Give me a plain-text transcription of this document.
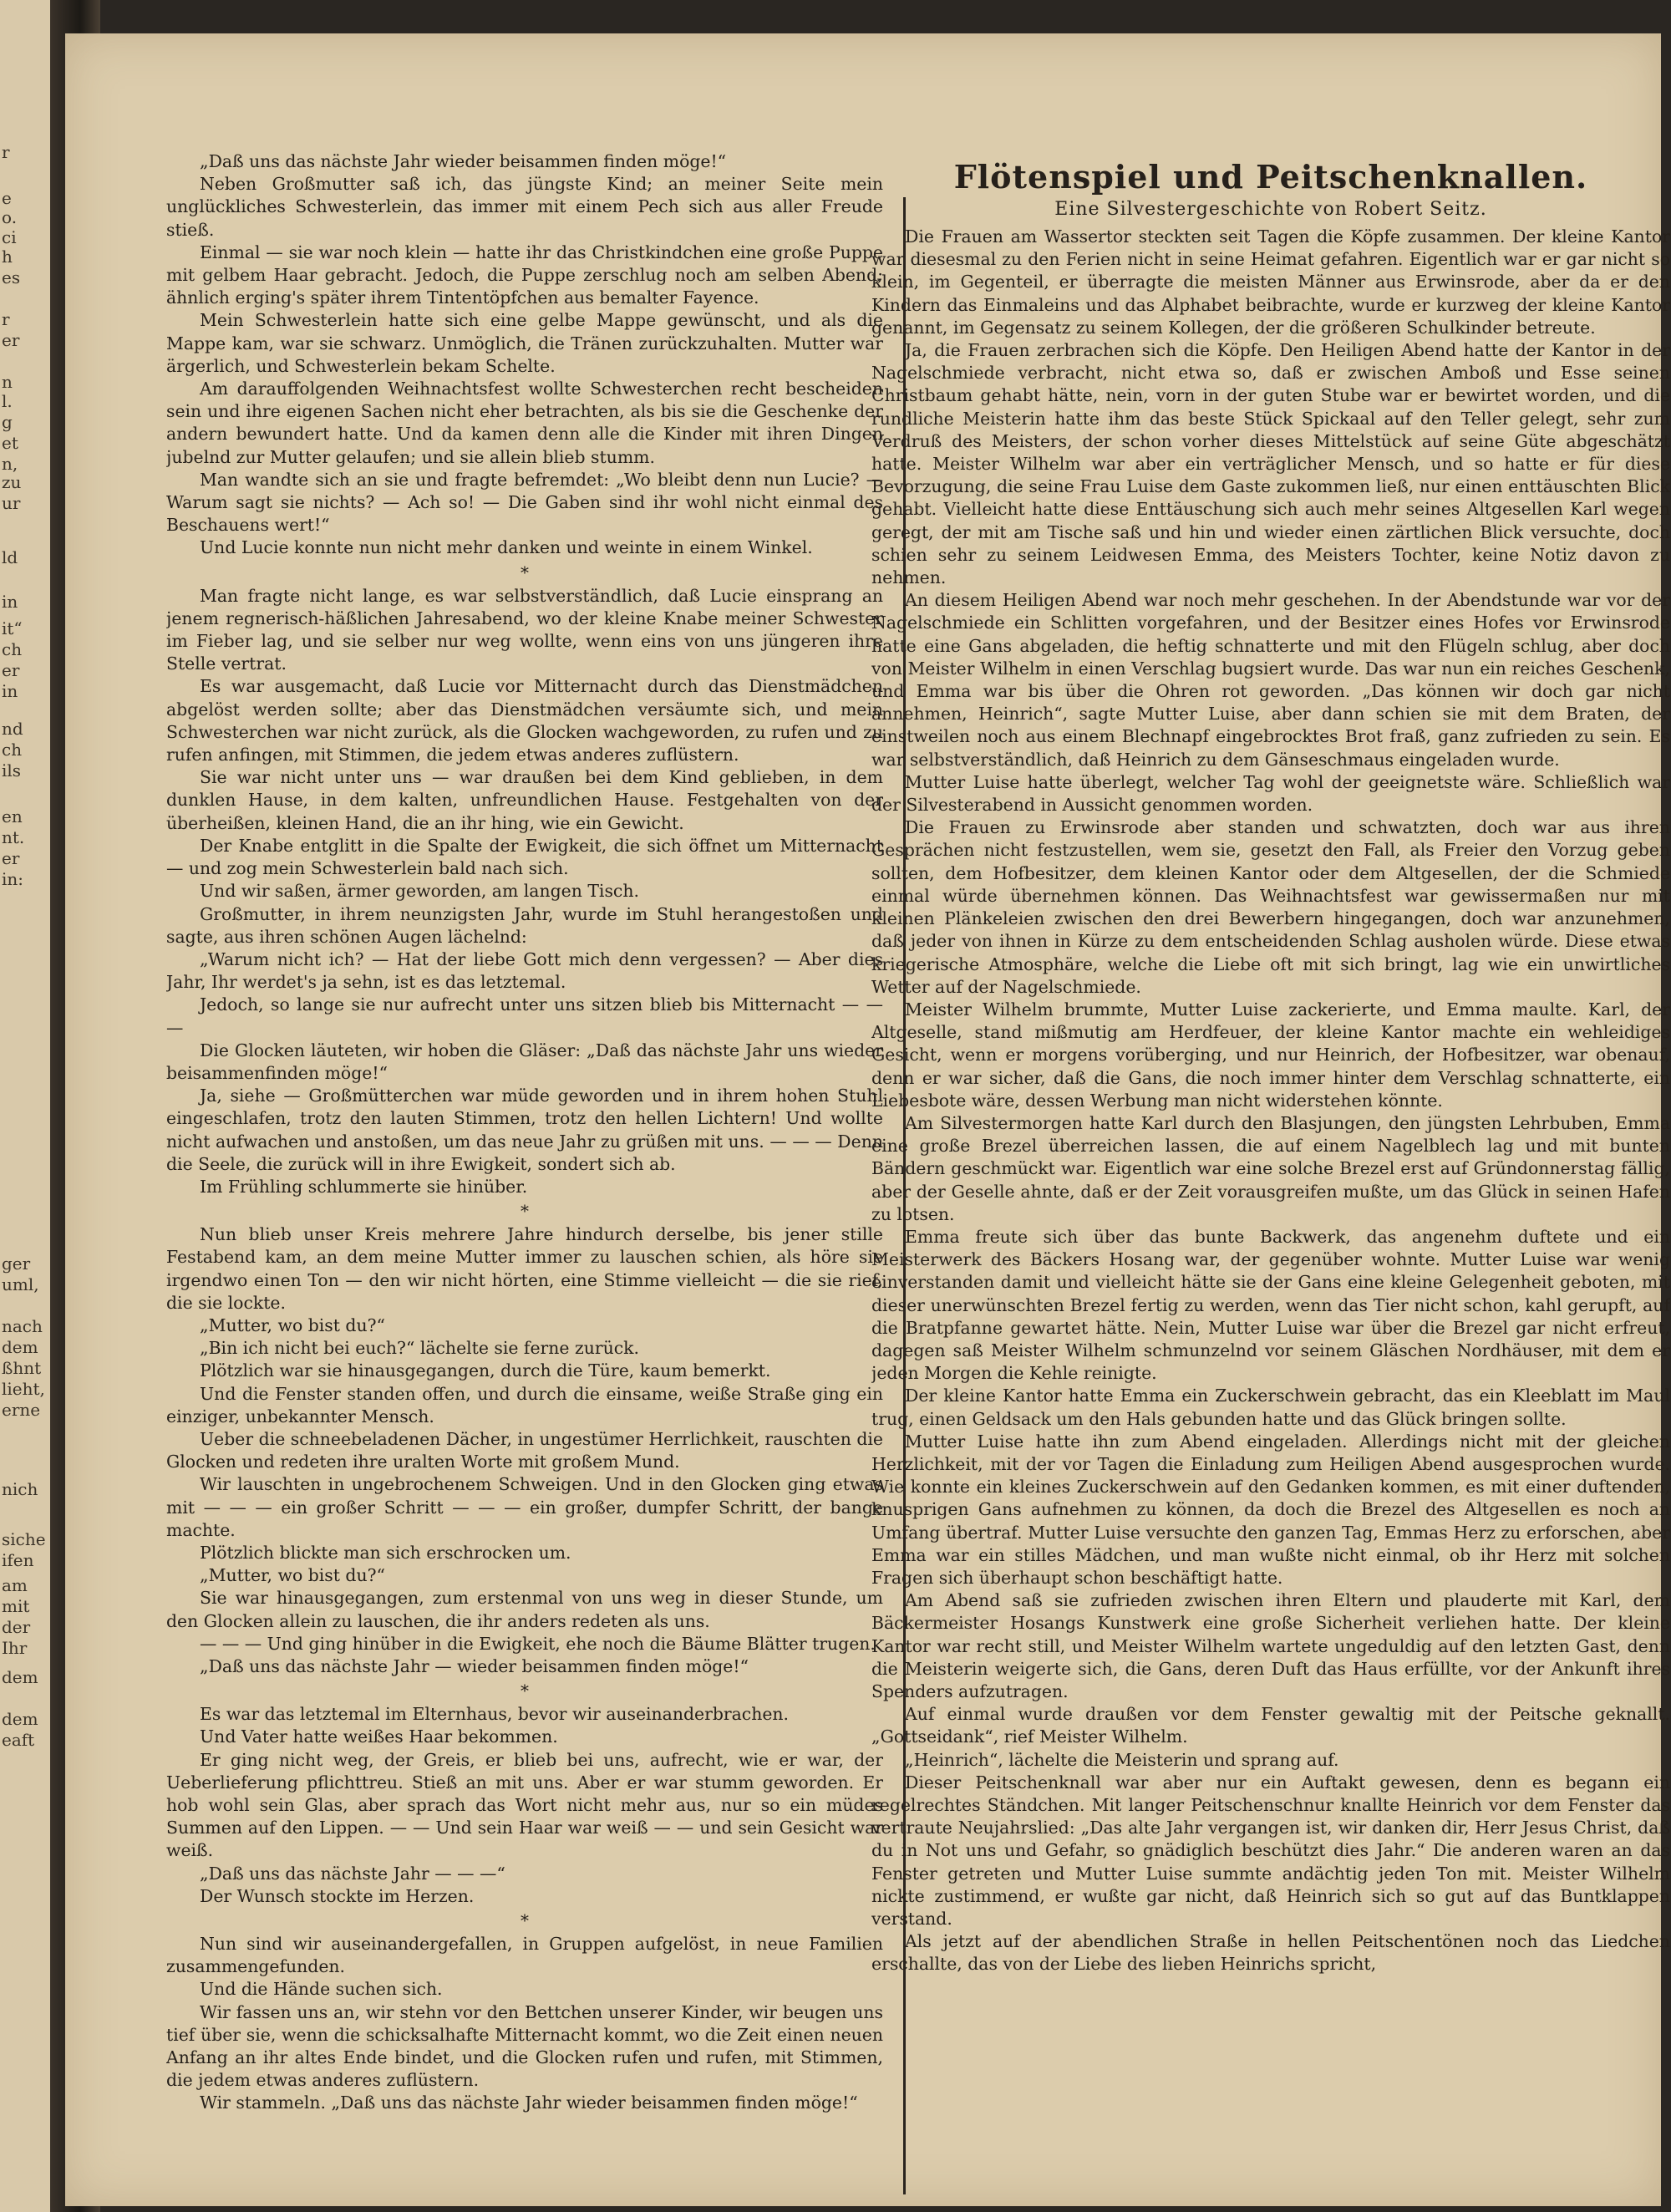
r
e
o.
ci
h
es
r
er
n
l.
g
et
n,
zu
ur
ld
in
it“
ch
er
in
nd
ch
ils
en
nt.
er
in:
ger
uml,
nach
dem
ßhnt
lieht,
erne
nich
siche
ifen
am
mit
der
Ihr
dem
dem
eaft

„Daß uns das nächste Jahr wieder beisammen finden möge!“

Neben Großmutter saß ich, das jüngste Kind; an meiner Seite mein unglückliches Schwesterlein, das immer mit einem Pech sich aus aller Freude stieß.

Einmal — sie war noch klein — hatte ihr das Christkindchen eine große Puppe mit gelbem Haar gebracht. Jedoch, die Puppe zerschlug noch am selben Abend; ähnlich erging's später ihrem Tintentöpfchen aus bemalter Fayence.

Mein Schwesterlein hatte sich eine gelbe Mappe gewünscht, und als die Mappe kam, war sie schwarz. Unmöglich, die Tränen zurückzuhalten. Mutter war ärgerlich, und Schwesterlein bekam Schelte.

Am darauffolgenden Weihnachtsfest wollte Schwesterchen recht bescheiden sein und ihre eigenen Sachen nicht eher betrachten, als bis sie die Geschenke der andern bewundert hatte. Und da kamen denn alle die Kinder mit ihren Dingen jubelnd zur Mutter gelaufen; und sie allein blieb stumm.

Man wandte sich an sie und fragte befremdet: „Wo bleibt denn nun Lucie? — Warum sagt sie nichts? — Ach so! — Die Gaben sind ihr wohl nicht einmal des Beschauens wert!“

Und Lucie konnte nun nicht mehr danken und weinte in einem Winkel.

*

Man fragte nicht lange, es war selbstverständlich, daß Lucie einsprang an jenem regnerisch-häßlichen Jahresabend, wo der kleine Knabe meiner Schwester im Fieber lag, und sie selber nur weg wollte, wenn eins von uns jüngeren ihre Stelle vertrat.

Es war ausgemacht, daß Lucie vor Mitternacht durch das Dienstmädchen abgelöst werden sollte; aber das Dienstmädchen versäumte sich, und mein Schwesterchen war nicht zurück, als die Glocken wachgeworden, zu rufen und zu rufen anfingen, mit Stimmen, die jedem etwas anderes zuflüstern.

Sie war nicht unter uns — war draußen bei dem Kind geblieben, in dem dunklen Hause, in dem kalten, unfreundlichen Hause. Festgehalten von der überheißen, kleinen Hand, die an ihr hing, wie ein Gewicht.

Der Knabe entglitt in die Spalte der Ewigkeit, die sich öffnet um Mitternacht — und zog mein Schwesterlein bald nach sich.

Und wir saßen, ärmer geworden, am langen Tisch.

Großmutter, in ihrem neunzigsten Jahr, wurde im Stuhl herangestoßen und sagte, aus ihren schönen Augen lächelnd:

„Warum nicht ich? — Hat der liebe Gott mich denn vergessen? — Aber dies Jahr, Ihr werdet's ja sehn, ist es das letztemal.

Jedoch, so lange sie nur aufrecht unter uns sitzen blieb bis Mitternacht — — —

Die Glocken läuteten, wir hoben die Gläser: „Daß das nächste Jahr uns wieder beisammenfinden möge!“

Ja, siehe — Großmütterchen war müde geworden und in ihrem hohen Stuhl eingeschlafen, trotz den lauten Stimmen, trotz den hellen Lichtern! Und wollte nicht aufwachen und anstoßen, um das neue Jahr zu grüßen mit uns. — — — Denn die Seele, die zurück will in ihre Ewigkeit, sondert sich ab.

Im Frühling schlummerte sie hinüber.

*

Nun blieb unser Kreis mehrere Jahre hindurch derselbe, bis jener stille Festabend kam, an dem meine Mutter immer zu lauschen schien, als höre sie irgendwo einen Ton — den wir nicht hörten, eine Stimme vielleicht — die sie rief, die sie lockte.

„Mutter, wo bist du?“

„Bin ich nicht bei euch?“ lächelte sie ferne zurück.

Plötzlich war sie hinausgegangen, durch die Türe, kaum bemerkt.

Und die Fenster standen offen, und durch die einsame, weiße Straße ging ein einziger, unbekannter Mensch.

Ueber die schneebeladenen Dächer, in ungestümer Herrlichkeit, rauschten die Glocken und redeten ihre uralten Worte mit großem Mund.

Wir lauschten in ungebrochenem Schweigen. Und in den Glocken ging etwas mit — — — ein großer Schritt — — — ein großer, dumpfer Schritt, der bange machte.

Plötzlich blickte man sich erschrocken um.

„Mutter, wo bist du?“

Sie war hinausgegangen, zum erstenmal von uns weg in dieser Stunde, um den Glocken allein zu lauschen, die ihr anders redeten als uns.

— — — Und ging hinüber in die Ewigkeit, ehe noch die Bäume Blätter trugen.

„Daß uns das nächste Jahr — wieder beisammen finden möge!“

*

Es war das letztemal im Elternhaus, bevor wir auseinanderbrachen.

Und Vater hatte weißes Haar bekommen.

Er ging nicht weg, der Greis, er blieb bei uns, aufrecht, wie er war, der Ueberlieferung pflichttreu. Stieß an mit uns. Aber er war stumm geworden. Er hob wohl sein Glas, aber sprach das Wort nicht mehr aus, nur so ein müdes Summen auf den Lippen. — — Und sein Haar war weiß — — und sein Gesicht war weiß.

„Daß uns das nächste Jahr — — —“

Der Wunsch stockte im Herzen.

*

Nun sind wir auseinandergefallen, in Gruppen aufgelöst, in neue Familien zusammengefunden.

Und die Hände suchen sich.

Wir fassen uns an, wir stehn vor den Bettchen unserer Kinder, wir beugen uns tief über sie, wenn die schicksalhafte Mitternacht kommt, wo die Zeit einen neuen Anfang an ihr altes Ende bindet, und die Glocken rufen und rufen, mit Stimmen, die jedem etwas anderes zuflüstern.

Wir stammeln. „Daß uns das nächste Jahr wieder beisammen finden möge!“

Flötenspiel und Peitschenknallen.
Eine Silvestergeschichte von Robert Seitz.

Die Frauen am Wassertor steckten seit Tagen die Köpfe zusammen. Der kleine Kantor war diesesmal zu den Ferien nicht in seine Heimat gefahren. Eigentlich war er gar nicht so klein, im Gegenteil, er überragte die meisten Männer aus Erwinsrode, aber da er den Kindern das Einmaleins und das Alphabet beibrachte, wurde er kurzweg der kleine Kantor genannt, im Gegensatz zu seinem Kollegen, der die größeren Schulkinder betreute.

Ja, die Frauen zerbrachen sich die Köpfe. Den Heiligen Abend hatte der Kantor in der Nagelschmiede verbracht, nicht etwa so, daß er zwischen Amboß und Esse seinen Christbaum gehabt hätte, nein, vorn in der guten Stube war er bewirtet worden, und die rundliche Meisterin hatte ihm das beste Stück Spickaal auf den Teller gelegt, sehr zum Verdruß des Meisters, der schon vorher dieses Mittelstück auf seine Güte abgeschätzt hatte. Meister Wilhelm war aber ein verträglicher Mensch, und so hatte er für diese Bevorzugung, die seine Frau Luise dem Gaste zukommen ließ, nur einen enttäuschten Blick gehabt. Vielleicht hatte diese Enttäuschung sich auch mehr seines Altgesellen Karl wegen geregt, der mit am Tische saß und hin und wieder einen zärtlichen Blick versuchte, doch schien sehr zu seinem Leidwesen Emma, des Meisters Tochter, keine Notiz davon zu nehmen.

An diesem Heiligen Abend war noch mehr geschehen. In der Abendstunde war vor der Nagelschmiede ein Schlitten vorgefahren, und der Besitzer eines Hofes vor Erwinsrode hatte eine Gans abgeladen, die heftig schnatterte und mit den Flügeln schlug, aber doch von Meister Wilhelm in einen Verschlag bugsiert wurde. Das war nun ein reiches Geschenk, und Emma war bis über die Ohren rot geworden. „Das können wir doch gar nicht annehmen, Heinrich“, sagte Mutter Luise, aber dann schien sie mit dem Braten, der einstweilen noch aus einem Blechnapf eingebrocktes Brot fraß, ganz zufrieden zu sein. Es war selbstverständlich, daß Heinrich zu dem Gänseschmaus eingeladen wurde.

Mutter Luise hatte überlegt, welcher Tag wohl der geeignetste wäre. Schließlich war der Silvesterabend in Aussicht genommen worden.

Die Frauen zu Erwinsrode aber standen und schwatzten, doch war aus ihren Gesprächen nicht festzustellen, wem sie, gesetzt den Fall, als Freier den Vorzug geben sollten, dem Hofbesitzer, dem kleinen Kantor oder dem Altgesellen, der die Schmiede einmal würde übernehmen können. Das Weihnachtsfest war gewissermaßen nur mit kleinen Plänkeleien zwischen den drei Bewerbern hingegangen, doch war anzunehmen, daß jeder von ihnen in Kürze zu dem entscheidenden Schlag ausholen würde. Diese etwas kriegerische Atmosphäre, welche die Liebe oft mit sich bringt, lag wie ein unwirtliches Wetter auf der Nagelschmiede.

Meister Wilhelm brummte, Mutter Luise zackerierte, und Emma maulte. Karl, der Altgeselle, stand mißmutig am Herdfeuer, der kleine Kantor machte ein wehleidiges Gesicht, wenn er morgens vorüberging, und nur Heinrich, der Hofbesitzer, war obenauf, denn er war sicher, daß die Gans, die noch immer hinter dem Verschlag schnatterte, ein Liebesbote wäre, dessen Werbung man nicht widerstehen könnte.

Am Silvestermorgen hatte Karl durch den Blasjungen, den jüngsten Lehrbuben, Emma eine große Brezel überreichen lassen, die auf einem Nagelblech lag und mit bunten Bändern geschmückt war. Eigentlich war eine solche Brezel erst auf Gründonnerstag fällig, aber der Geselle ahnte, daß er der Zeit vorausgreifen mußte, um das Glück in seinen Hafen zu lotsen.

Emma freute sich über das bunte Backwerk, das angenehm duftete und ein Meisterwerk des Bäckers Hosang war, der gegenüber wohnte. Mutter Luise war wenig einverstanden damit und vielleicht hätte sie der Gans eine kleine Gelegenheit geboten, mit dieser unerwünschten Brezel fertig zu werden, wenn das Tier nicht schon, kahl gerupft, auf die Bratpfanne gewartet hätte. Nein, Mutter Luise war über die Brezel gar nicht erfreut, dagegen saß Meister Wilhelm schmunzelnd vor seinem Gläschen Nordhäuser, mit dem er jeden Morgen die Kehle reinigte.

Der kleine Kantor hatte Emma ein Zuckerschwein gebracht, das ein Kleeblatt im Maul trug, einen Geldsack um den Hals gebunden hatte und das Glück bringen sollte.

Mutter Luise hatte ihn zum Abend eingeladen. Allerdings nicht mit der gleichen Herzlichkeit, mit der vor Tagen die Einladung zum Heiligen Abend ausgesprochen wurde. Wie konnte ein kleines Zuckerschwein auf den Gedanken kommen, es mit einer duftenden, knusprigen Gans aufnehmen zu können, da doch die Brezel des Altgesellen es noch an Umfang übertraf. Mutter Luise versuchte den ganzen Tag, Emmas Herz zu erforschen, aber Emma war ein stilles Mädchen, und man wußte nicht einmal, ob ihr Herz mit solchen Fragen sich überhaupt schon beschäftigt hatte.

Am Abend saß sie zufrieden zwischen ihren Eltern und plauderte mit Karl, dem Bäckermeister Hosangs Kunstwerk eine große Sicherheit verliehen hatte. Der kleine Kantor war recht still, und Meister Wilhelm wartete ungeduldig auf den letzten Gast, denn die Meisterin weigerte sich, die Gans, deren Duft das Haus erfüllte, vor der Ankunft ihres Spenders aufzutragen.

Auf einmal wurde draußen vor dem Fenster gewaltig mit der Peitsche geknallt. „Gottseidank“, rief Meister Wilhelm.

„Heinrich“, lächelte die Meisterin und sprang auf.

Dieser Peitschenknall war aber nur ein Auftakt gewesen, denn es begann ein regelrechtes Ständchen. Mit langer Peitschenschnur knallte Heinrich vor dem Fenster das vertraute Neujahrslied: „Das alte Jahr vergangen ist, wir danken dir, Herr Jesus Christ, daß du in Not uns und Gefahr, so gnädiglich beschützt dies Jahr.“ Die anderen waren an das Fenster getreten und Mutter Luise summte andächtig jeden Ton mit. Meister Wilhelm nickte zustimmend, er wußte gar nicht, daß Heinrich sich so gut auf das Buntklappen verstand.

Als jetzt auf der abendlichen Straße in hellen Peitschentönen noch das Liedchen erschallte, das von der Liebe des lieben Heinrichs spricht,
